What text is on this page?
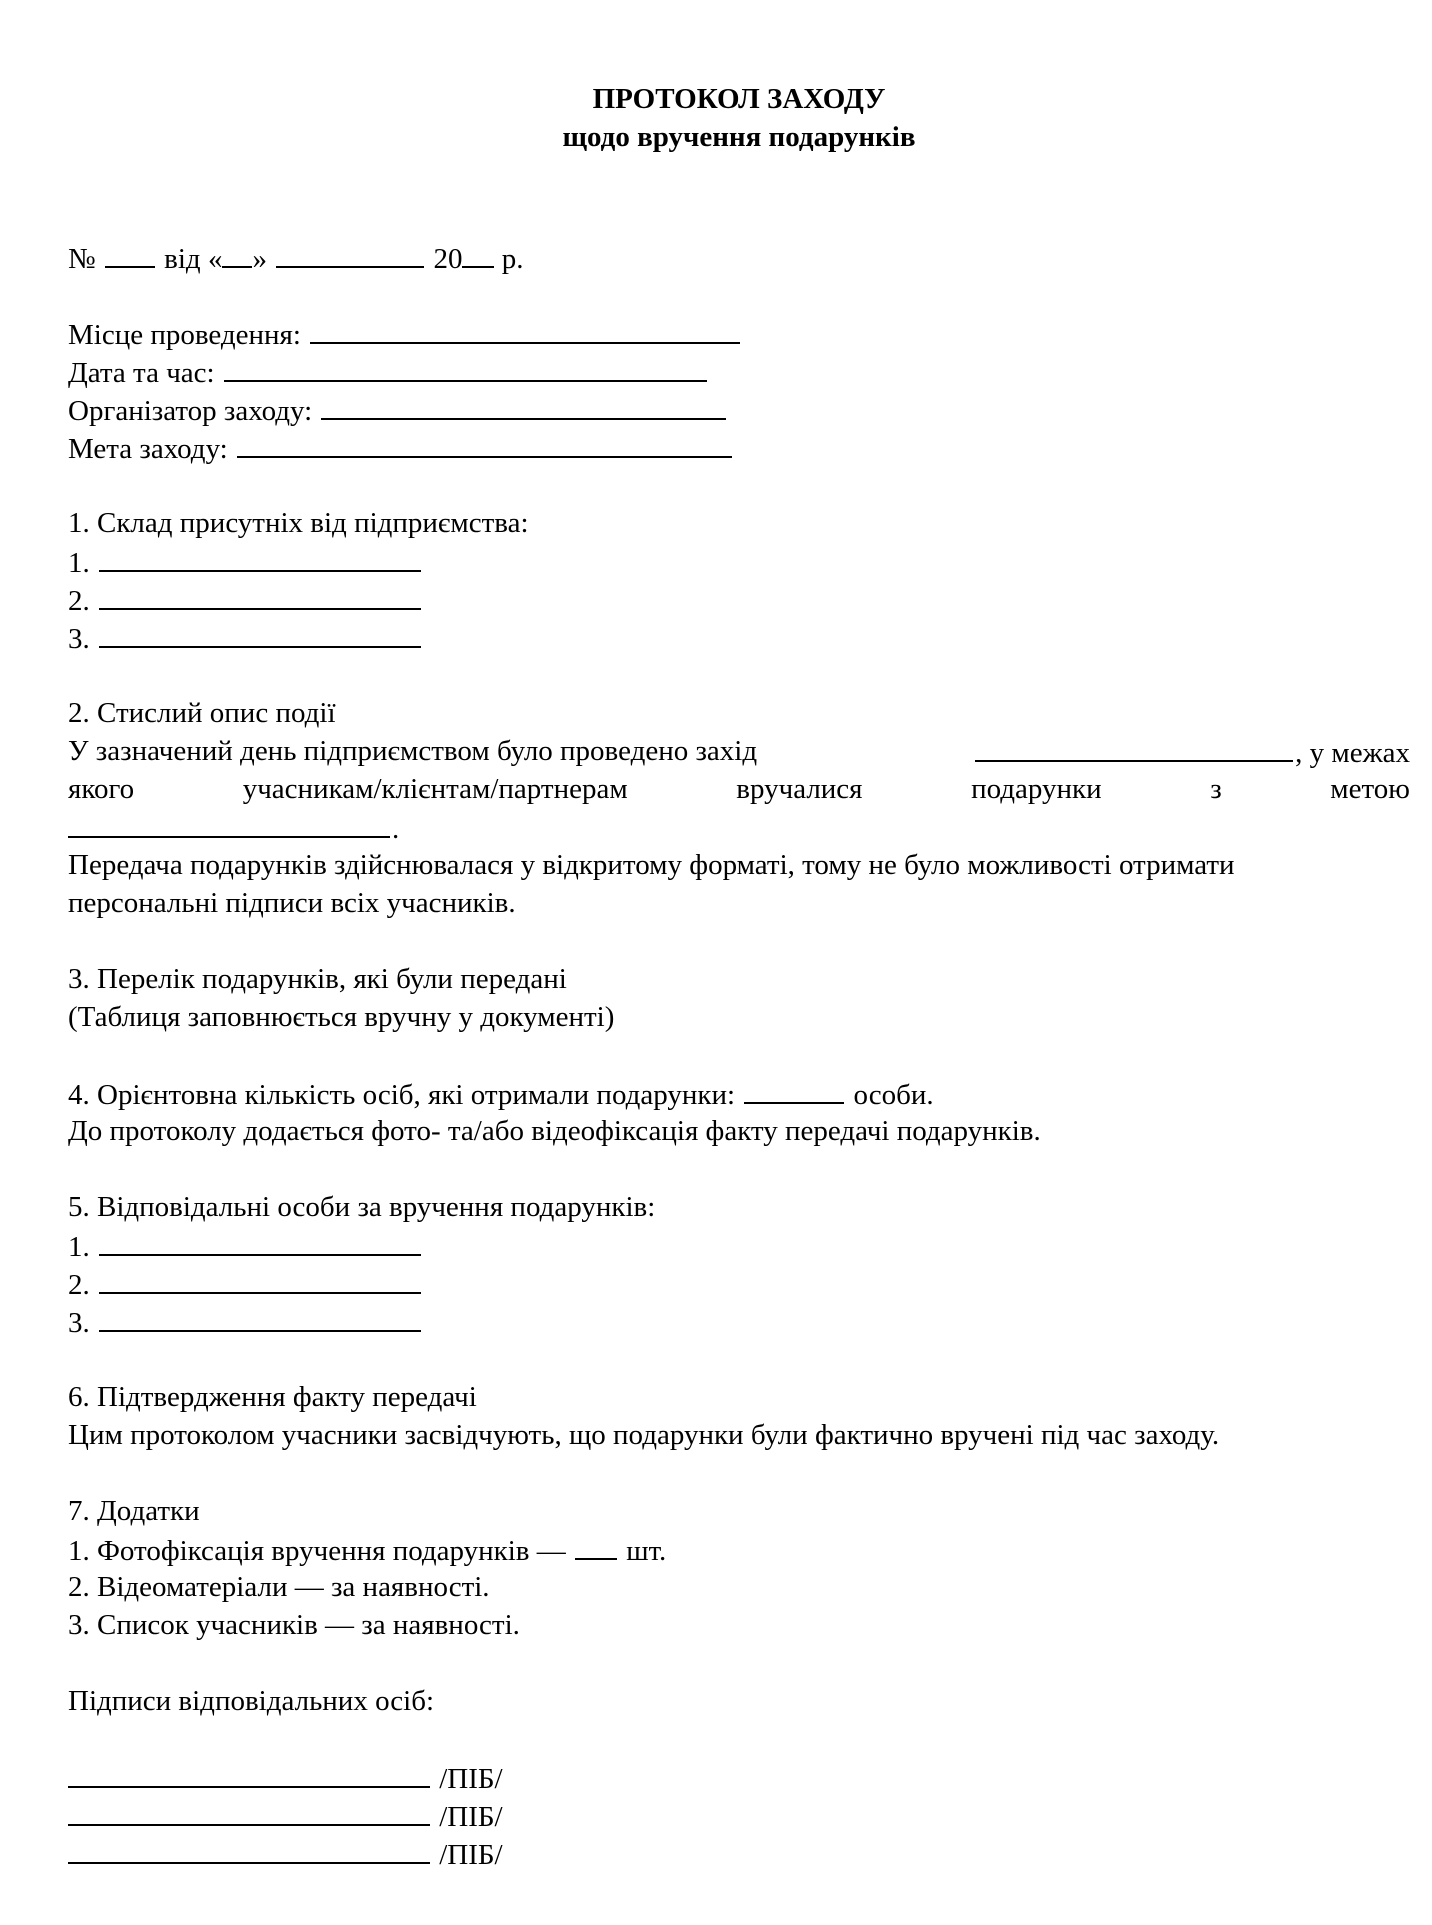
ПРОТОКОЛ ЗАХОДУ
щодо вручення подарунків
№ від « »	20 р.
Місце проведення:
Дата та час:
Організатор заходу:
Мета заходу:
1. Склад присутніх від підприємства:
1.
2.
3.
2. Стислий опис події
У зазначений день підприємством було проведено захід	, у межах
якого	учасникам/клієнтам/партнерам	вручалися	подарунки	з	метою
.
Передача подарунків здійснювалася у відкритому форматі, тому не було можливості отримати
персональні підписи всіх учасників.
3. Перелік подарунків, які були передані
(Таблиця заповнюється вручну у документі)
4. Орієнтовна кількість осіб, які отримали подарунки:	особи.
До протоколу додається фото- та/або відеофіксація факту передачі подарунків.
5. Відповідальні особи за вручення подарунків:
1.
2.
3.
6. Підтвердження факту передачі
Цим протоколом учасники засвідчують, що подарунки були фактично вручені під час заходу.
7. Додатки
1. Фотофіксація вручення подарунків — шт.
2. Відеоматеріали — за наявності.
3. Список учасників — за наявності.
Підписи відповідальних осіб:
/ПІБ/
/ПІБ/
/ПІБ/
